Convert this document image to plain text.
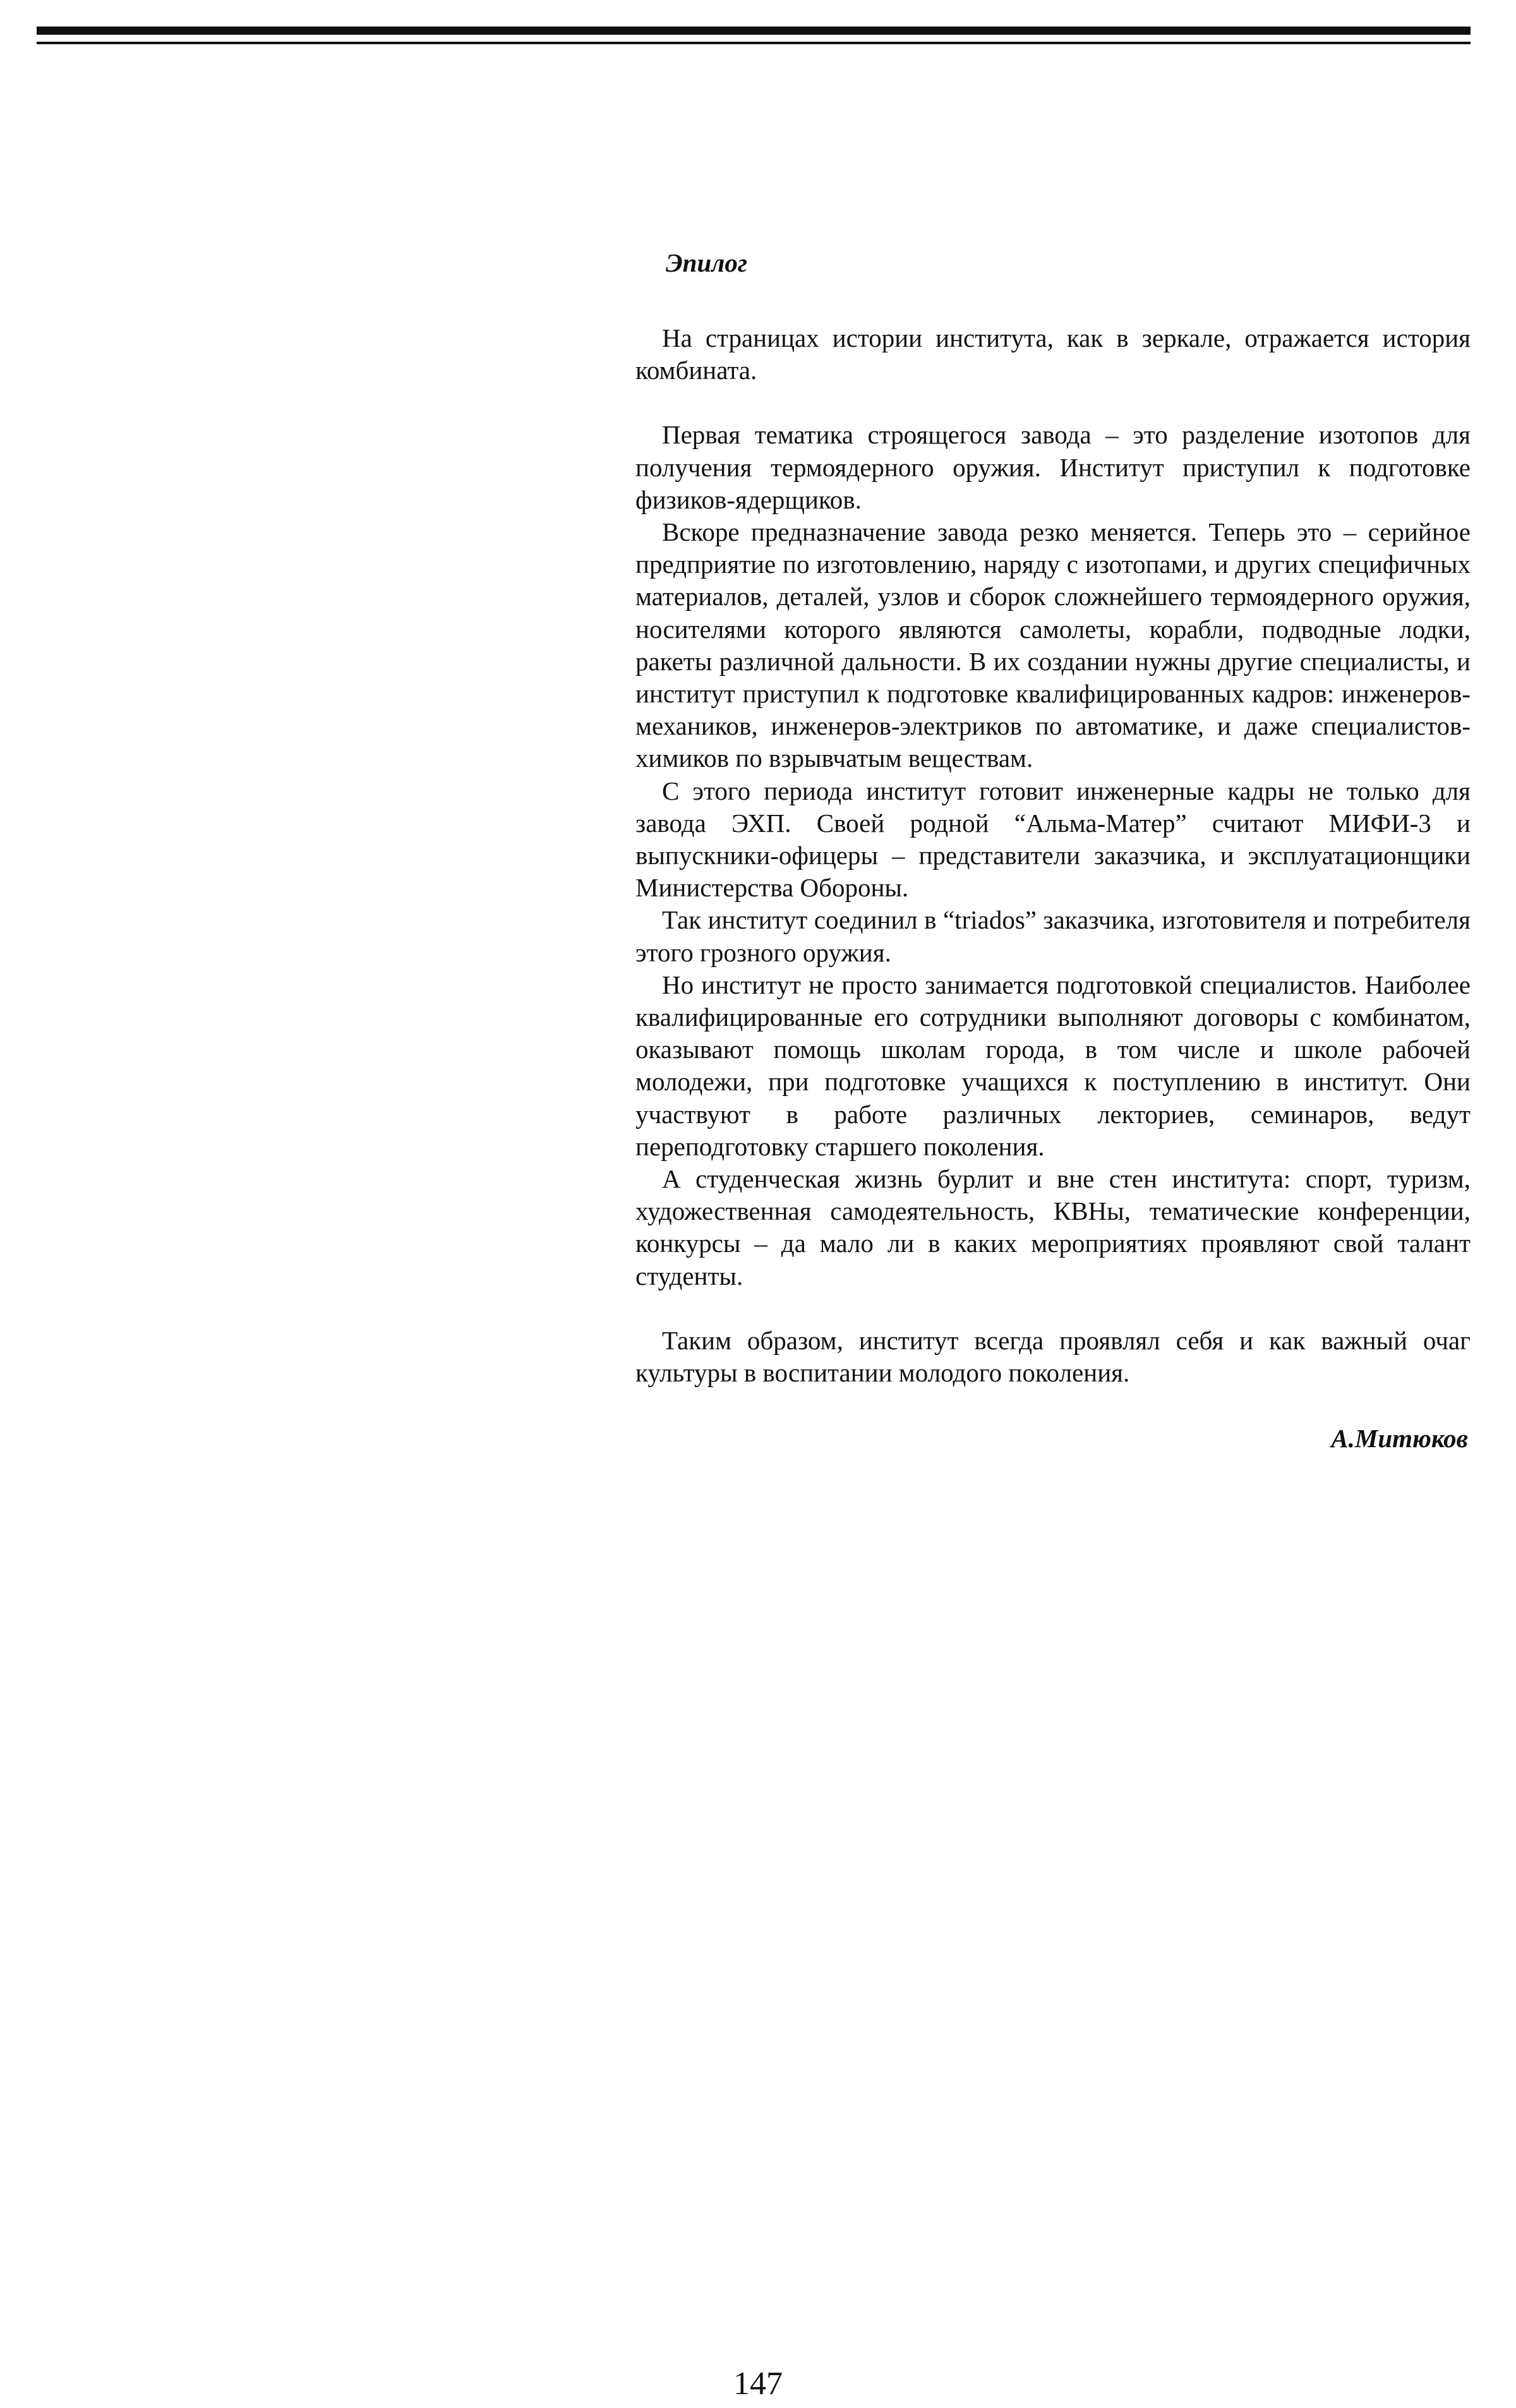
Эпилог

На страницах истории института, как в зеркале, отражается история комбината.

Первая тематика строящегося завода – это разделение изотопов для получения термоядерного оружия. Институт приступил к подготовке физиков-ядерщиков.

Вскоре предназначение завода резко меняется. Теперь это – серийное предприятие по изготовлению, наряду с изотопами, и других специфичных материалов, деталей, узлов и сборок сложнейшего термоядерного оружия, носителями которого являются самолеты, корабли, подводные лодки, ракеты различной дальности. В их создании нужны другие специалисты, и институт приступил к подготовке квалифицированных кадров: инженеров-механиков, инженеров-электриков по автоматике, и даже специалистов-химиков по взрывчатым веществам.

С этого периода институт готовит инженерные кадры не только для завода ЭХП. Своей родной “Альма-Матер” считают МИФИ-3 и выпускники-офицеры – представители заказчика, и эксплуатационщики Министерства Обороны.

Так институт соединил в “triados” заказчика, изготовителя и потребителя этого грозного оружия.

Но институт не просто занимается подготовкой специалистов. Наиболее квалифицированные его сотрудники выполняют договоры с комбинатом, оказывают помощь школам города, в том числе и школе рабочей молодежи, при подготовке учащихся к поступлению в институт. Они участвуют в работе различных лекториев, семинаров, ведут переподготовку старшего поколения.

А студенческая жизнь бурлит и вне стен института: спорт, туризм, художественная самодеятельность, КВНы, тематические конференции, конкурсы – да мало ли в каких мероприятиях проявляют свой талант студенты.

Таким образом, институт всегда проявлял себя и как важный очаг культуры в воспитании молодого поколения.

А.Митюков
147
